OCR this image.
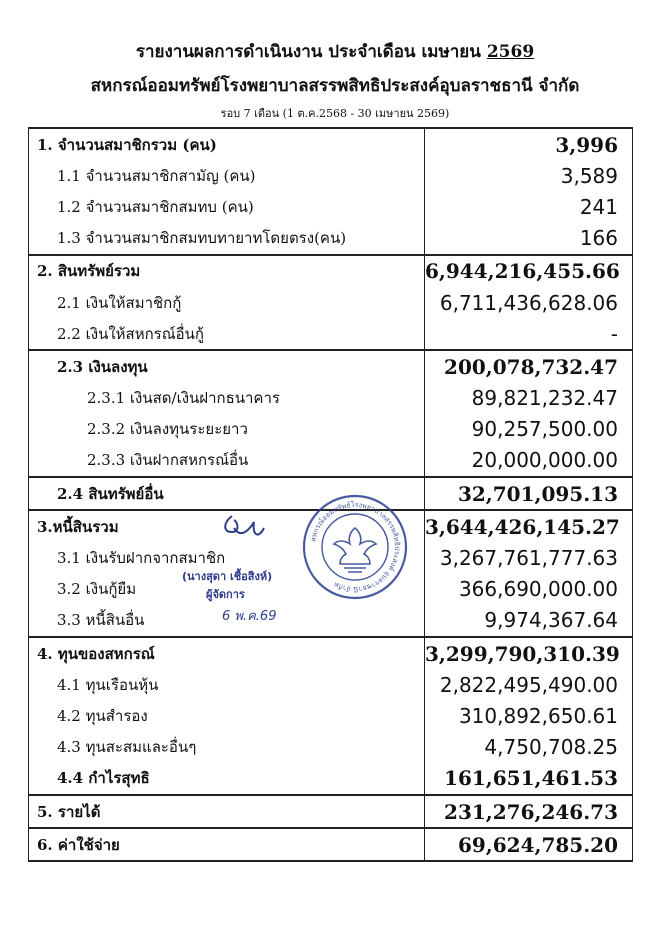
รายงานผลการดำเนินงาน ประจำเดือน เมษายน 2569
สหกรณ์ออมทรัพย์โรงพยาบาลสรรพสิทธิประสงค์อุบลราชธานี จำกัด
รอบ 7 เดือน (1 ต.ค.2568 - 30 เมษายน 2569)
1. จำนวนสมาชิกรวม (คน)	3,996
1.1 จำนวนสมาชิกสามัญ (คน)	3,589
1.2 จำนวนสมาชิกสมทบ (คน)	241
1.3 จำนวนสมาชิกสมทบทายาทโดยตรง(คน)	166
2. สินทรัพย์รวม	6,944,216,455.66
2.1 เงินให้สมาชิกกู้	6,711,436,628.06
2.2 เงินให้สหกรณ์อื่นกู้	-
2.3 เงินลงทุน	200,078,732.47
2.3.1 เงินสด/เงินฝากธนาคาร	89,821,232.47
2.3.2 เงินลงทุนระยะยาว	90,257,500.00
2.3.3 เงินฝากสหกรณ์อื่น	20,000,000.00
2.4 สินทรัพย์อื่น	32,701,095.13
3.หนี้สินรวม	3,644,426,145.27
3.1 เงินรับฝากจากสมาชิก	3,267,761,777.63
3.2 เงินกู้ยืม	366,690,000.00
3.3 หนี้สินอื่น	9,974,367.64
4. ทุนของสหกรณ์	3,299,790,310.39
4.1 ทุนเรือนหุ้น	2,822,495,490.00
4.2 ทุนสำรอง	310,892,650.61
4.3 ทุนสะสมและอื่นๆ	4,750,708.25
4.4 กำไรสุทธิ	161,651,461.53
5. รายได้	231,276,246.73
6. ค่าใช้จ่าย	69,624,785.20
สหกรณ์ออมทรัพย์โรงพยาบาลสรรพสิทธิประสงค์ อุบลราชธานี จำกัด
(นางสุดา เชื้อสิงห์)
ผู้จัดการ
6 พ.ค.69
